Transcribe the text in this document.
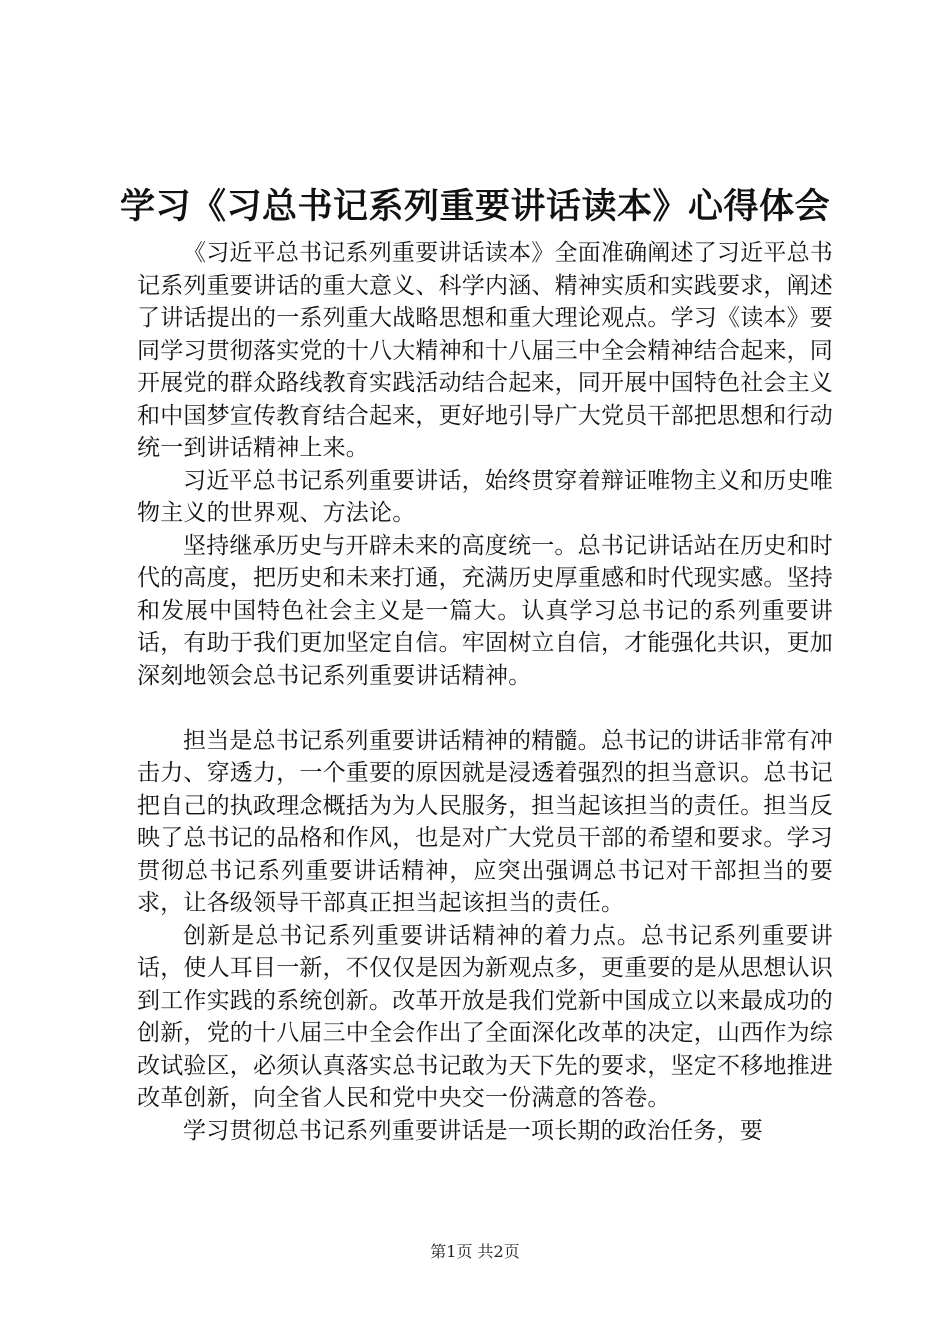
学习《习总书记系列重要讲话读本》心得体会

《习近平总书记系列重要讲话读本》全面准确阐述了习近平总书记系列重要讲话的重大意义、科学内涵、精神实质和实践要求，阐述了讲话提出的一系列重大战略思想和重大理论观点。学习《读本》要同学习贯彻落实党的十八大精神和十八届三中全会精神结合起来，同开展党的群众路线教育实践活动结合起来，同开展中国特色社会主义和中国梦宣传教育结合起来，更好地引导广大党员干部把思想和行动统一到讲话精神上来。

习近平总书记系列重要讲话，始终贯穿着辩证唯物主义和历史唯物主义的世界观、方法论。

坚持继承历史与开辟未来的高度统一。总书记讲话站在历史和时代的高度，把历史和未来打通，充满历史厚重感和时代现实感。坚持和发展中国特色社会主义是一篇大。认真学习总书记的系列重要讲话，有助于我们更加坚定自信。牢固树立自信，才能强化共识，更加深刻地领会总书记系列重要讲话精神。

担当是总书记系列重要讲话精神的精髓。总书记的讲话非常有冲击力、穿透力，一个重要的原因就是浸透着强烈的担当意识。总书记把自己的执政理念概括为为人民服务，担当起该担当的责任。担当反映了总书记的品格和作风，也是对广大党员干部的希望和要求。学习贯彻总书记系列重要讲话精神，应突出强调总书记对干部担当的要求，让各级领导干部真正担当起该担当的责任。

创新是总书记系列重要讲话精神的着力点。总书记系列重要讲话，使人耳目一新，不仅仅是因为新观点多，更重要的是从思想认识到工作实践的系统创新。改革开放是我们党新中国成立以来最成功的创新，党的十八届三中全会作出了全面深化改革的决定，山西作为综改试验区，必须认真落实总书记敢为天下先的要求，坚定不移地推进改革创新，向全省人民和党中央交一份满意的答卷。

学习贯彻总书记系列重要讲话是一项长期的政治任务，要

第1页 共2页
